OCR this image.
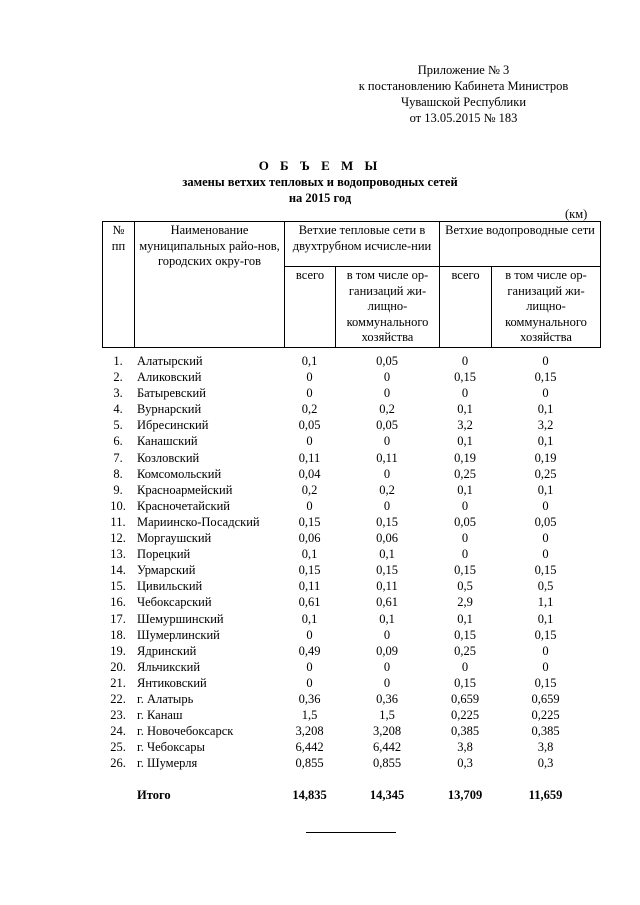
Приложение № 3
к постановлению Кабинета Министров
Чувашской Республики
от 13.05.2015 № 183
О Б Ъ Е М Ы
замены ветхих тепловых и водопроводных сетей
на 2015 год
(км)
№ пп	Наименование муниципальных райо-нов, городских окру-гов	Ветхие тепловые сети в двухтрубном исчисле-нии		Ветхие водопроводные сети	
		всего	в том числе ор-ганизаций жи-лищно-коммунального хозяйства	всего	в том числе ор-ганизаций жи-лищно-коммунального хозяйства
1.	Алатырский	0,1	0,05	0	0
2.	Аликовский	0	0	0,15	0,15
3.	Батыревский	0	0	0	0
4.	Вурнарский	0,2	0,2	0,1	0,1
5.	Ибресинский	0,05	0,05	3,2	3,2
6.	Канашский	0	0	0,1	0,1
7.	Козловский	0,11	0,11	0,19	0,19
8.	Комсомольский	0,04	0	0,25	0,25
9.	Красноармейский	0,2	0,2	0,1	0,1
10.	Красночетайский	0	0	0	0
11.	Мариинско-Посадский	0,15	0,15	0,05	0,05
12.	Моргаушский	0,06	0,06	0	0
13.	Порецкий	0,1	0,1	0	0
14.	Урмарский	0,15	0,15	0,15	0,15
15.	Цивильский	0,11	0,11	0,5	0,5
16.	Чебоксарский	0,61	0,61	2,9	1,1
17.	Шемуршинский	0,1	0,1	0,1	0,1
18.	Шумерлинский	0	0	0,15	0,15
19.	Ядринский	0,49	0,09	0,25	0
20.	Яльчикский	0	0	0	0
21.	Янтиковский	0	0	0,15	0,15
22.	г. Алатырь	0,36	0,36	0,659	0,659
23.	г. Канаш	1,5	1,5	0,225	0,225
24.	г. Новочебоксарск	3,208	3,208	0,385	0,385
25.	г. Чебоксары	6,442	6,442	3,8	3,8
26.	г. Шумерля	0,855	0,855	0,3	0,3
	Итого	14,835	14,345	13,709	11,659
